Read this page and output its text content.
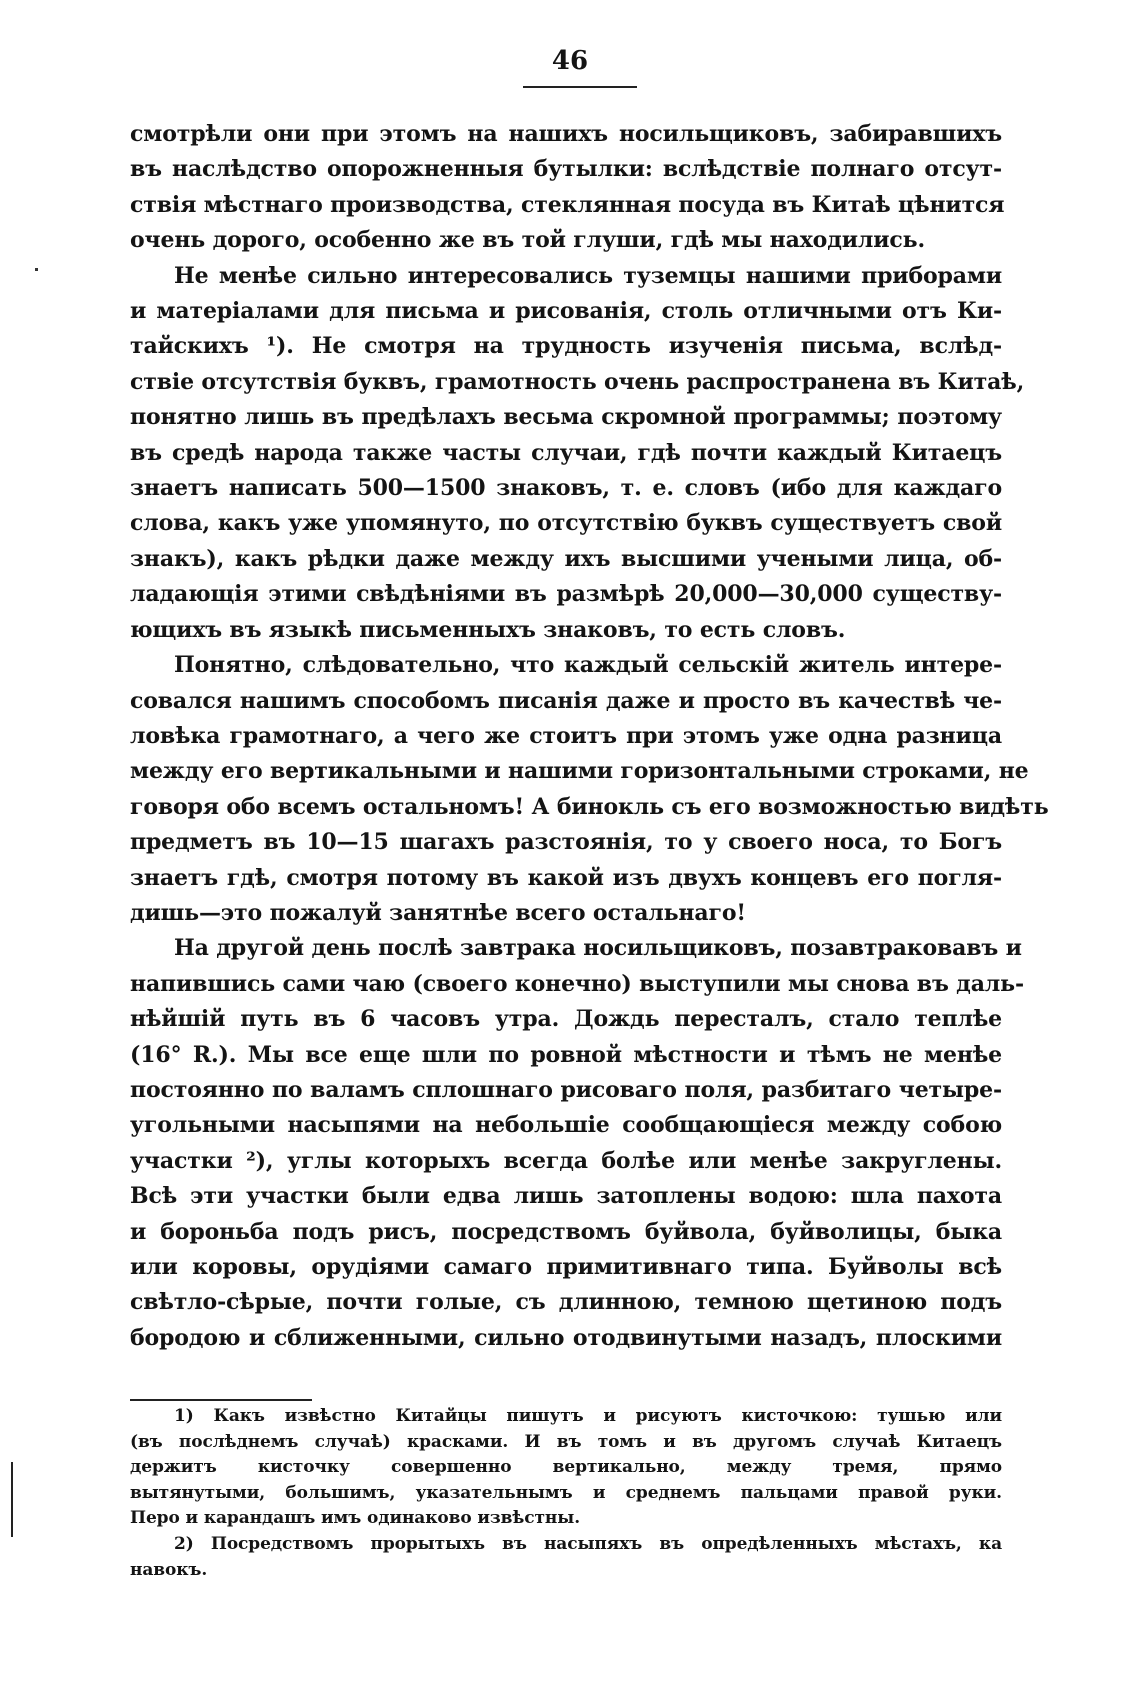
46

смотрѣли они при этомъ на нашихъ носильщиковъ, забиравшихъ
въ наслѣдство опорожненныя бутылки: вслѣдствіе полнаго отсут-
ствія мѣстнаго производства, стеклянная посуда въ Китаѣ цѣнится
очень дорого, особенно же въ той глуши, гдѣ мы находились.

Не менѣе сильно интересовались туземцы нашими приборами
и матеріалами для письма и рисованія, столь отличными отъ Ки-
тайскихъ ¹). Не смотря на трудность изученія письма, вслѣд-
ствіе отсутствія буквъ, грамотность очень распространена въ Китаѣ,
понятно лишь въ предѣлахъ весьма скромной программы; поэтому
въ средѣ народа также часты случаи, гдѣ почти каждый Китаецъ
знаетъ написать 500—1500 знаковъ, т. е. словъ (ибо для каждаго
слова, какъ уже упомянуто, по отсутствію буквъ существуетъ свой
знакъ), какъ рѣдки даже между ихъ высшими учеными лица, об-
ладающія этими свѣдѣніями въ размѣрѣ 20,000—30,000 существу-
ющихъ въ языкѣ письменныхъ знаковъ, то есть словъ.

Понятно, слѣдовательно, что каждый сельскій житель интере-
совался нашимъ способомъ писанія даже и просто въ качествѣ че-
ловѣка грамотнаго, а чего же стоитъ при этомъ уже одна разница
между его вертикальными и нашими горизонтальными строками, не
говоря обо всемъ остальномъ! А бинокль съ его возможностью видѣть
предметъ въ 10—15 шагахъ разстоянія, то у своего носа, то Богъ
знаетъ гдѣ, смотря потому въ какой изъ двухъ концевъ его погля-
дишь—это пожалуй занятнѣе всего остальнаго!

На другой день послѣ завтрака носильщиковъ, позавтраковавъ и
напившись сами чаю (своего конечно) выступили мы снова въ даль-
нѣйшій путь въ 6 часовъ утра. Дождь пересталъ, стало теплѣе
(16° R.). Мы все еще шли по ровной мѣстности и тѣмъ не менѣе
постоянно по валамъ сплошнаго рисоваго поля, разбитаго четыре-
угольными насыпями на небольшіе сообщающіеся между собою
участки ²), углы которыхъ всегда болѣе или менѣе закруглены.
Всѣ эти участки были едва лишь затоплены водою: шла пахота
и бороньба подъ рисъ, посредствомъ буйвола, буйволицы, быка
или коровы, орудіями самаго примитивнаго типа. Буйволы всѣ
свѣтло-сѣрые, почти голые, съ длинною, темною щетиною подъ
бородою и сближенными, сильно отодвинутыми назадъ, плоскими

1) Какъ извѣстно Китайцы пишутъ и рисуютъ кисточкою: тушью или
(въ послѣднемъ случаѣ) красками. И въ томъ и въ другомъ случаѣ Китаецъ
держитъ кисточку совершенно вертикально, между тремя, прямо
вытянутыми, большимъ, указательнымъ и среднемъ пальцами правой руки.
Перо и карандашъ имъ одинаково извѣстны.
2) Посредствомъ прорытыхъ въ насыпяхъ въ опредѣленныхъ мѣстахъ, ка
навокъ.
